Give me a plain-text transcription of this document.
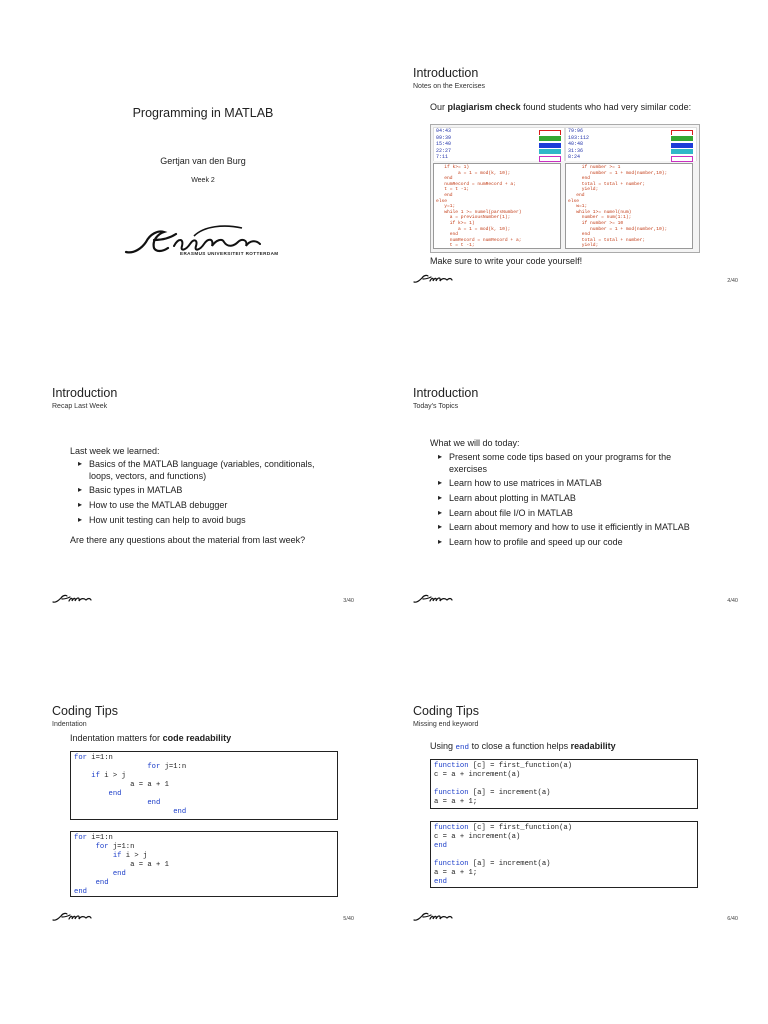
Programming in MATLAB
Gertjan van den Burg
Week 2
ERASMUS UNIVERSITEIT ROTTERDAM
Introduction
Notes on the Exercises
Our plagiarism check found students who had very similar code:
04:43	79:96
09:39	103:112
15:40	40:48
22:27	31:36
7:11	8:24
if k>= 1)
a = 1 = mod(k, 10);
end
numRecord = numRecord + a;
t = t -1;
end
else
y=1;
while 1 >= numel(parsNumber)
a = previousNumber(1);
if k>= 1)
a = 1 = mod(k, 10);
end
numRecord = numRecord + a;
t = t -1;

if number >= 1
number = 1 + mod(number,10);
end
total = total + number;
yield;
end
else
w=1;
while 1>= numel(num)
number = num(1:1);
if number >= 10
number = 1 + mod(number,10);
end
total = total + number;
yield;

Make sure to write your code yourself!
2/40
Introduction
Recap Last Week
Last week we learned:
▸ Basics of the MATLAB language (variables, conditionals, loops, vectors, and functions)
▸ Basic types in MATLAB
▸ How to use the MATLAB debugger
▸ How unit testing can help to avoid bugs
Are there any questions about the material from last week?
3/40
Introduction
Today's Topics
What we will do today:
▸ Present some code tips based on your programs for the exercises
▸ Learn how to use matrices in MATLAB
▸ Learn about plotting in MATLAB
▸ Learn about file I/O in MATLAB
▸ Learn about memory and how to use it efficiently in MATLAB
▸ Learn how to profile and speed up our code
4/40
Coding Tips
Indentation
Indentation matters for code readability
for i=1:n
for j=1:n
if i > j
a = a + 1
end
end
end
for i=1:n
for j=1:n
if i > j
a = a + 1
end
end
end
5/40
Coding Tips
Missing end keyword
Using end to close a function helps readability
function [c] = first_function(a)
c = a + increment(a)

function [a] = increment(a)
a = a + 1;
function [c] = first_function(a)
c = a + increment(a)
end

function [a] = increment(a)
a = a + 1;
end
6/40
